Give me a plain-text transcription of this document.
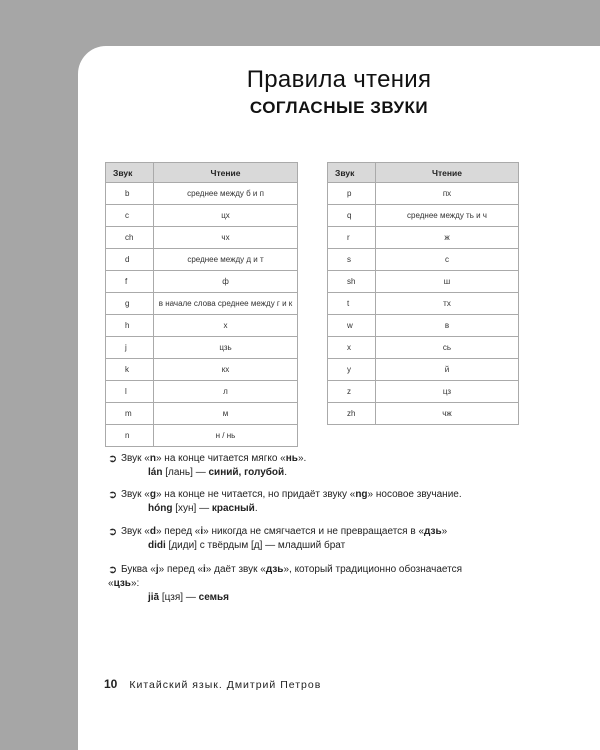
Правила чтения
СОГЛАСНЫЕ ЗВУКИ
Звук	Чтение
b	среднее между б и п
c	цх
ch	чх
d	среднее между д и т
f	ф
g	в начале слова среднее между г и к
h	х
j	цзь
k	кх
l	л
m	м
n	н / нь
Звук	Чтение
p	пх
q	среднее между ть и ч
r	ж
s	с
sh	ш
t	тх
w	в
x	сь
y	й
z	цз
zh	чж
➲ Звук «n» на конце читается мягко «нь».
lán [лань] — синий, голубой.
➲ Звук «g» на конце не читается, но придаёт звуку «ng» носовое звучание.
hóng [хун] — красный.
➲ Звук «d» перед «i» никогда не смягчается и не превращается в «дзь»
didi [диди] с твёрдым [д] — младший брат
➲ Буква «j» перед «i» даёт звук «дзь», который традиционно обозначается
«цзь»:
jiā [цзя] — семья
10 Китайский язык. Дмитрий Петров
